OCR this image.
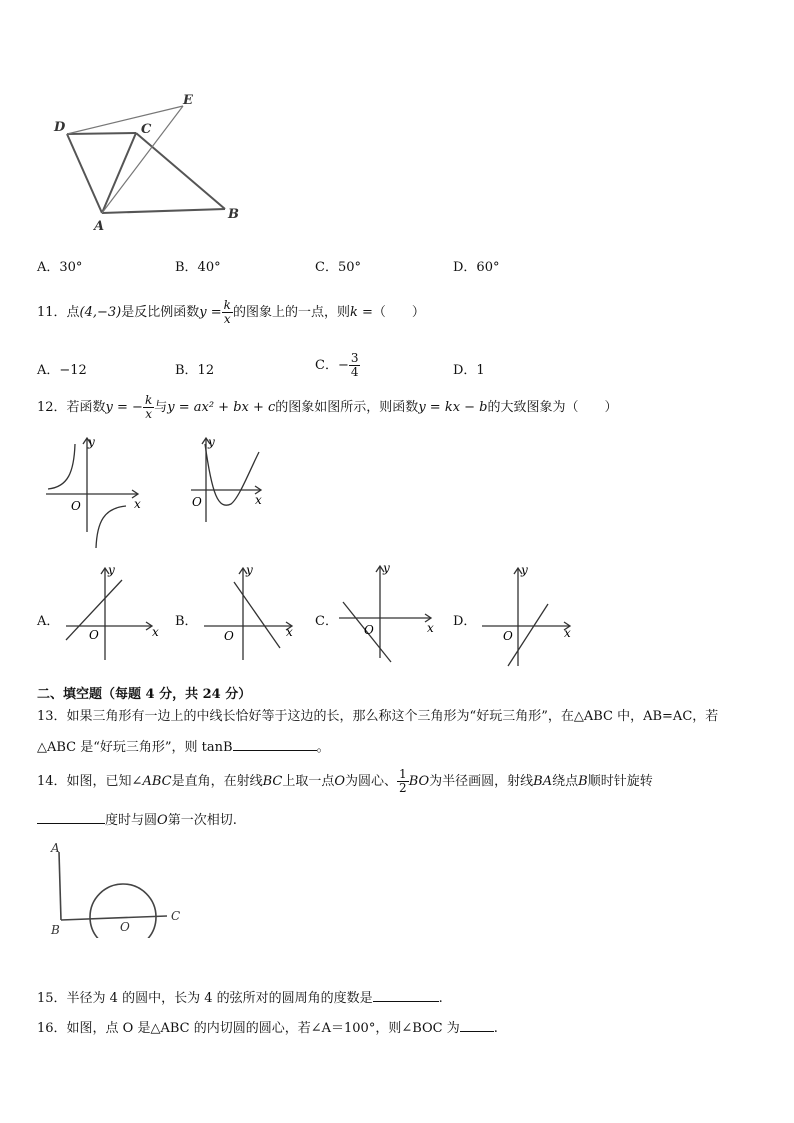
D	C
E
A
B
A．30°	B．40°	C．50°	D．60°
11．点(4,−3)是反比例函数$y = \frac{k}{x}$ 的图象上的一点，则k =（　　）
A．−12	B．12	C．− $\frac{3}{4}$	D．1
12．若函数y = − $\frac{k}{x}$ 与y = ax² + bx + c的图象如图所示，则函数y = kx − b的大致图象为（　　）
y
x
O
y
x
O
A．
y
x
O
B．
y
x
O
C．
y
x
O
D．
y
x
O
二、填空题（每题 4 分，共 24 分）
13．如果三角形有一边上的中线长恰好等于这边的长，那么称这个三角形为“好玩三角形”，在△ABC 中，AB=AC，若
△ABC 是“好玩三角形”，则 tanB	。
14．如图，已知∠ABC是直角，在射线BC上取一点O为圆心、 $\frac{1}{2}$ BO为半径画圆，射线BA绕点B顺时针旋转
度时与圆O第一次相切.
A
B
C
O
15．半径为 4 的圆中，长为 4 的弦所对的圆周角的度数是	.
16．如图，点 O 是△ABC 的内切圆的圆心，若∠A＝100°，则∠BOC 为	.
